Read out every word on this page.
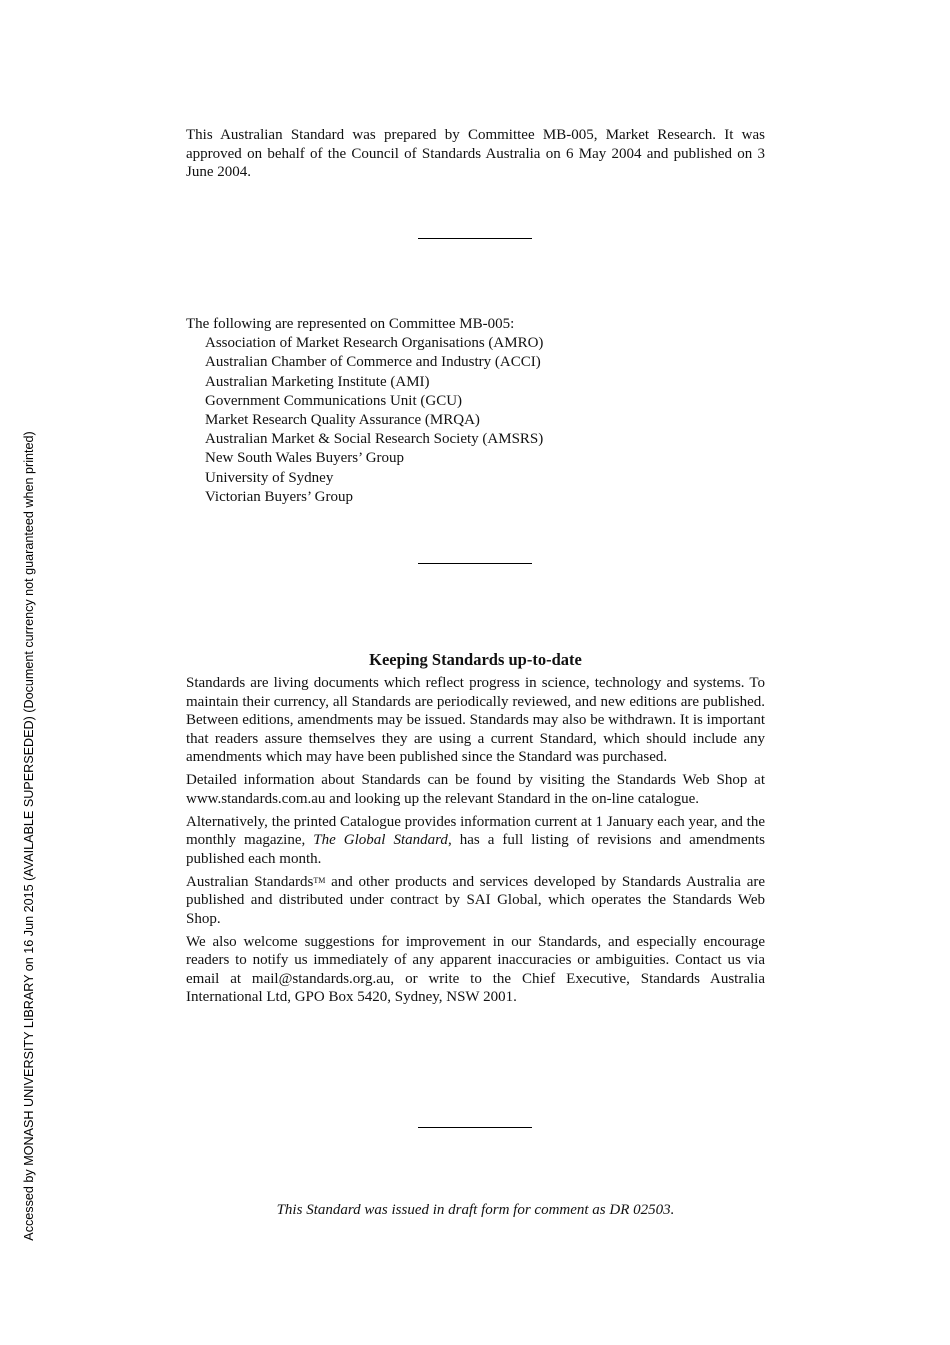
Accessed by MONASH UNIVERSITY LIBRARY on 16 Jun 2015 (AVAILABLE SUPERSEDED) (Document currency not guaranteed when printed)
This Australian Standard was prepared by Committee MB-005, Market Research. It was approved on behalf of the Council of Standards Australia on 6 May 2004 and published on 3 June 2004.
The following are represented on Committee MB-005:
Association of Market Research Organisations (AMRO)
Australian Chamber of Commerce and Industry (ACCI)
Australian Marketing Institute (AMI)
Government Communications Unit (GCU)
Market Research Quality Assurance (MRQA)
Australian Market & Social Research Society (AMSRS)
New South Wales Buyers’ Group
University of Sydney
Victorian Buyers’ Group
Keeping Standards up-to-date

Standards are living documents which reflect progress in science, technology and systems. To maintain their currency, all Standards are periodically reviewed, and new editions are published. Between editions, amendments may be issued. Standards may also be withdrawn. It is important that readers assure themselves they are using a current Standard, which should include any amendments which may have been published since the Standard was purchased.

Detailed information about Standards can be found by visiting the Standards Web Shop at www.standards.com.au and looking up the relevant Standard in the on-line catalogue.

Alternatively, the printed Catalogue provides information current at 1 January each year, and the monthly magazine, The Global Standard, has a full listing of revisions and amendments published each month.

Australian Standards™ and other products and services developed by Standards Australia are published and distributed under contract by SAI Global, which operates the Standards Web Shop.

We also welcome suggestions for improvement in our Standards, and especially encourage readers to notify us immediately of any apparent inaccuracies or ambiguities. Contact us via email at mail@standards.org.au, or write to the Chief Executive, Standards Australia International Ltd, GPO Box 5420, Sydney, NSW 2001.

This Standard was issued in draft form for comment as DR 02503.
